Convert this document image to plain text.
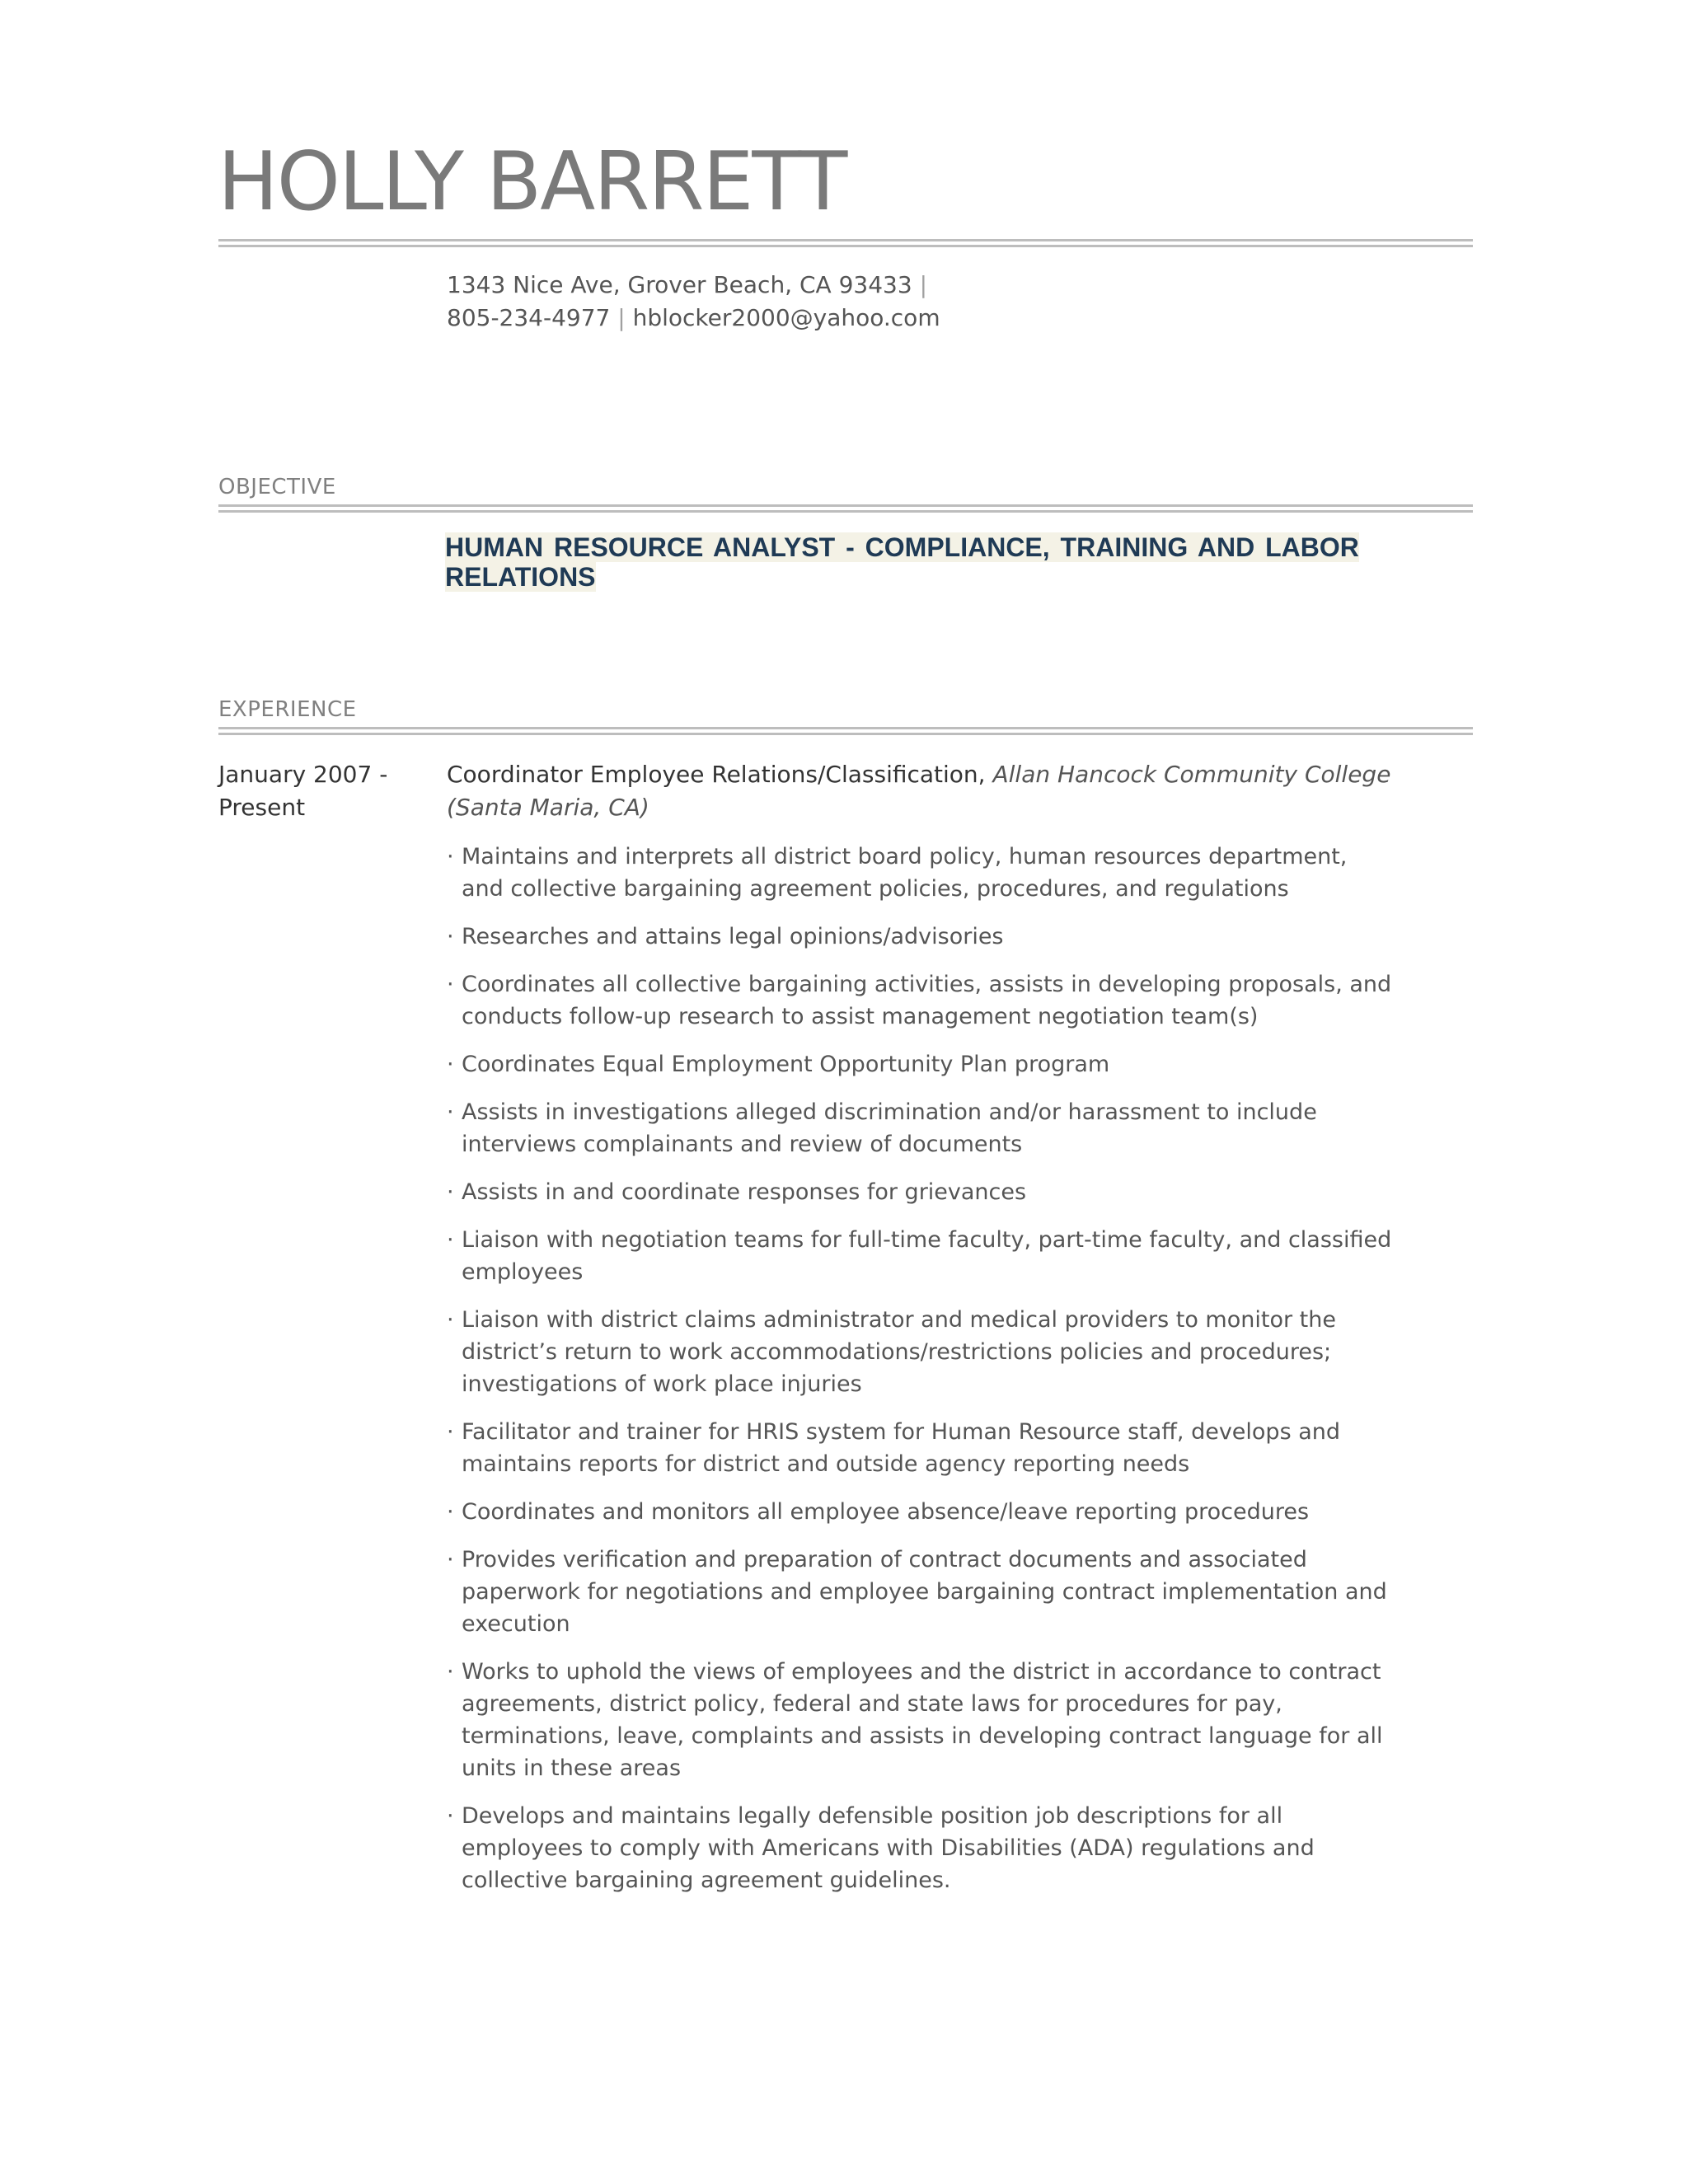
HOLLY BARRETT
1343 Nice Ave, Grover Beach, CA 93433 |
805-234-4977 | hblocker2000@yahoo.com
OBJECTIVE
HUMAN RESOURCE ANALYST - COMPLIANCE, TRAINING AND LABOR RELATIONS
EXPERIENCE
January 2007 -
Present
Coordinator Employee Relations/Classification, Allan Hancock Community College (Santa Maria, CA)
· Maintains and interprets all district board policy, human resources department, and collective bargaining agreement policies, procedures, and regulations
· Researches and attains legal opinions/advisories
· Coordinates all collective bargaining activities, assists in developing proposals, and conducts follow-up research to assist management negotiation team(s)
· Coordinates Equal Employment Opportunity Plan program
· Assists in investigations alleged discrimination and/or harassment to include interviews complainants and review of documents
· Assists in and coordinate responses for grievances
· Liaison with negotiation teams for full-time faculty, part-time faculty, and classified employees
· Liaison with district claims administrator and medical providers to monitor the district’s return to work accommodations/restrictions policies and procedures; investigations of work place injuries
· Facilitator and trainer for HRIS system for Human Resource staff, develops and maintains reports for district and outside agency reporting needs
· Coordinates and monitors all employee absence/leave reporting procedures
· Provides verification and preparation of contract documents and associated paperwork for negotiations and employee bargaining contract implementation and execution
· Works to uphold the views of employees and the district in accordance to contract agreements, district policy, federal and state laws for procedures for pay, terminations, leave, complaints and assists in developing contract language for all units in these areas
· Develops and maintains legally defensible position job descriptions for all employees to comply with Americans with Disabilities (ADA) regulations and collective bargaining agreement guidelines.
